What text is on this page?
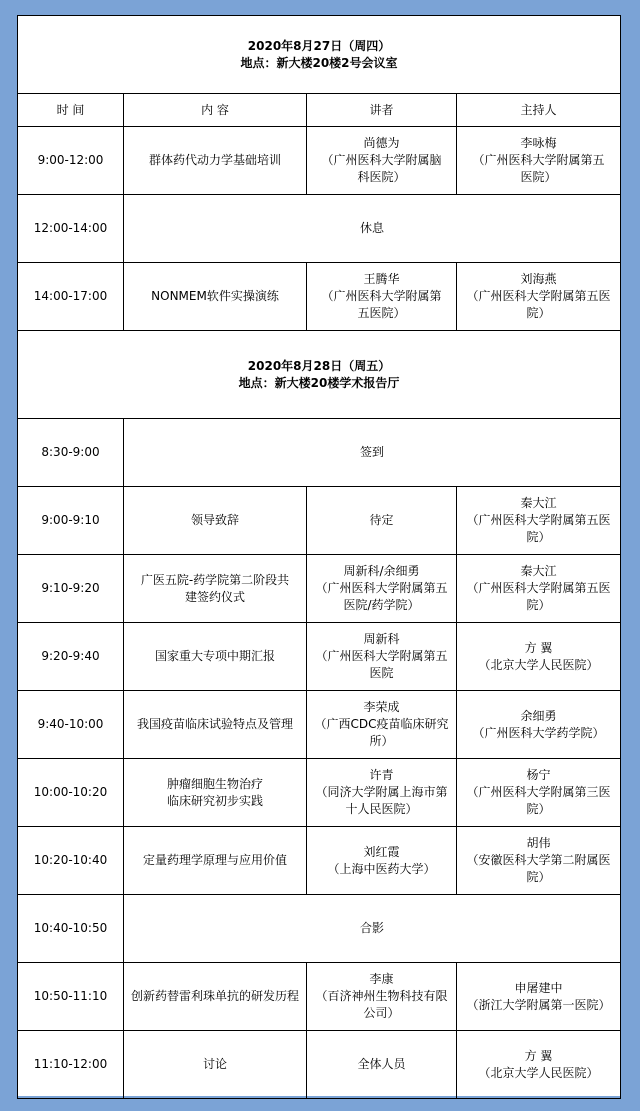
2020年8月27日（周四）
地点：新大楼20楼2号会议室			

时 间	内 容	讲者	主持人
9:00-12:00	群体药代动力学基础培训	尚德为
（广州医科大学附属脑
科医院）	李咏梅
（广州医科大学附属第五
医院）

12:00-14:00	休息		
14:00-17:00	NONMEM软件实操演练	王腾华
（广州医科大学附属第
五医院）	刘海燕
（广州医科大学附属第五医
院）

2020年8月28日（周五）
地点：新大楼20楼学术报告厅			

8:30-9:00	签到		
9:00-9:10	领导致辞	待定	秦大江
（广州医科大学附属第五医
院）

9:10-9:20	广医五院-药学院第二阶段共
建签约仪式	周新科/余细勇
（广州医科大学附属第五
医院/药学院）	秦大江
（广州医科大学附属第五医
院）

9:20-9:40	国家重大专项中期汇报	周新科
（广州医科大学附属第五
医院	方 翼
（北京大学人民医院）

9:40-10:00	我国疫苗临床试验特点及管理	李荣成
（广西CDC疫苗临床研究
所）	余细勇
（广州医科大学药学院）

10:00-10:20	肿瘤细胞生物治疗
临床研究初步实践	许青
（同济大学附属上海市第
十人民医院）	杨宁
（广州医科大学附属第三医
院）

10:20-10:40	定量药理学原理与应用价值	刘红霞
（上海中医药大学）	胡伟
（安徽医科大学第二附属医
院）

10:40-10:50	合影		
10:50-11:10	创新药替雷利珠单抗的研发历程	李康
（百济神州生物科技有限
公司）	申屠建中
（浙江大学附属第一医院）

11:10-12:00	讨论	全体人员	方 翼
（北京大学人民医院）
